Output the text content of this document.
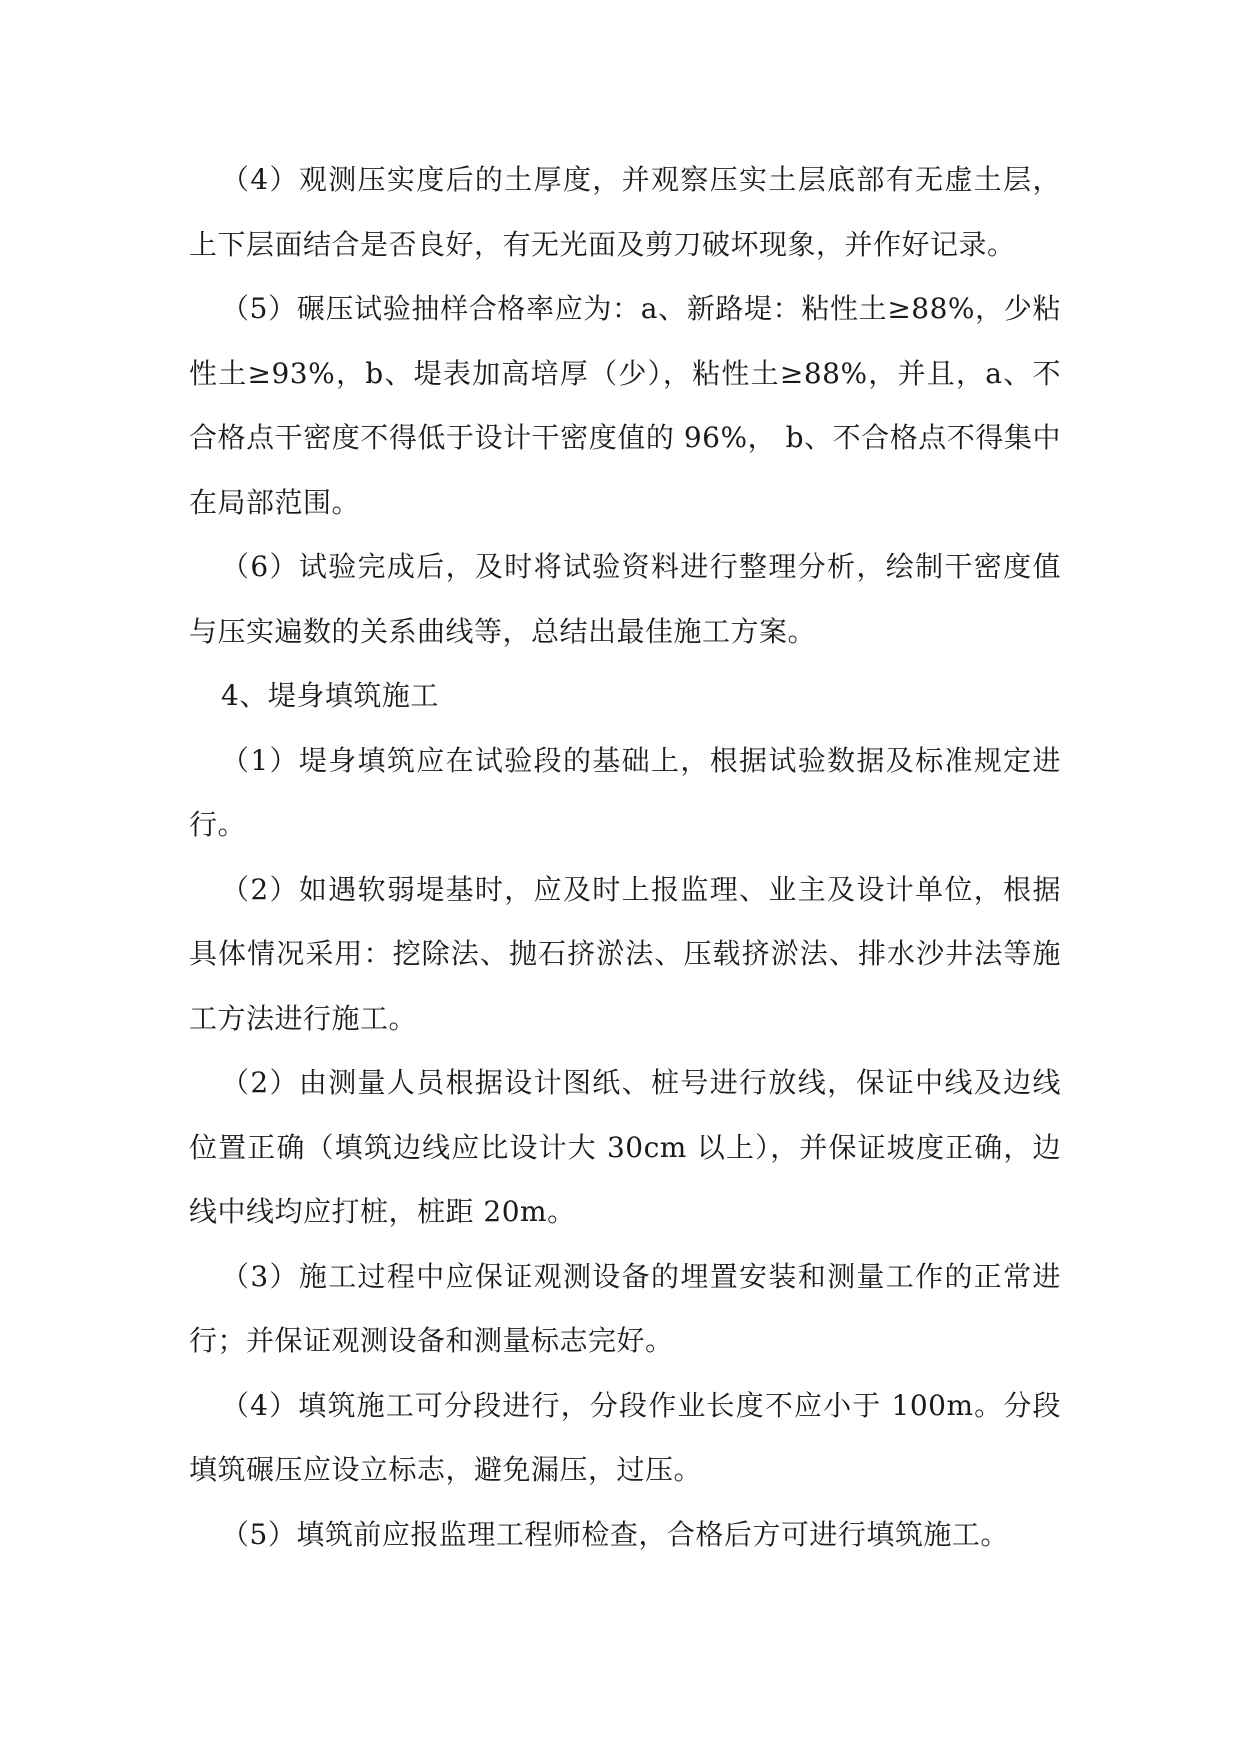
（4）观测压实度后的土厚度，并观察压实土层底部有无虚土层，上下层面结合是否良好，有无光面及剪刀破坏现象，并作好记录。

（5）碾压试验抽样合格率应为：a、新路堤：粘性土≥88%，少粘性土≥93%，b、堤表加高培厚（少），粘性土≥88%，并且，a、不合格点干密度不得低于设计干密度值的 96%， b、不合格点不得集中在局部范围。

（6）试验完成后，及时将试验资料进行整理分析，绘制干密度值与压实遍数的关系曲线等，总结出最佳施工方案。

4、堤身填筑施工

（1）堤身填筑应在试验段的基础上，根据试验数据及标准规定进行。

（2）如遇软弱堤基时，应及时上报监理、业主及设计单位，根据具体情况采用：挖除法、抛石挤淤法、压载挤淤法、排水沙井法等施工方法进行施工。

（2）由测量人员根据设计图纸、桩号进行放线，保证中线及边线位置正确（填筑边线应比设计大 30cm 以上），并保证坡度正确，边线中线均应打桩，桩距 20m。

（3）施工过程中应保证观测设备的埋置安装和测量工作的正常进行；并保证观测设备和测量标志完好。

（4）填筑施工可分段进行，分段作业长度不应小于 100m。分段填筑碾压应设立标志，避免漏压，过压。

（5）填筑前应报监理工程师检查，合格后方可进行填筑施工。
